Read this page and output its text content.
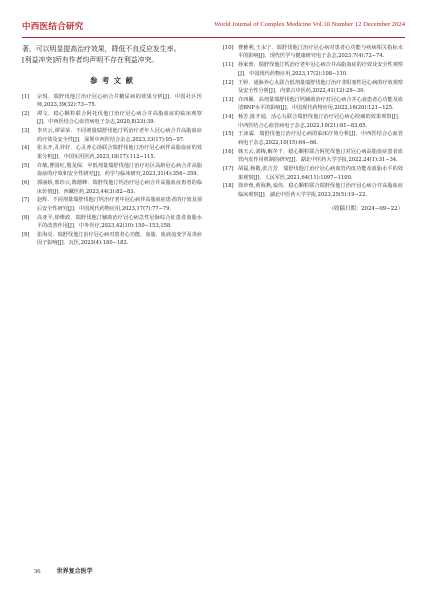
中西医结合研究	World Journal of Complex Medicine Vol.10 Number 12 December 2024

著，可以明显提高治疗效果，降低不良反应发生率。

[利益冲突]所有作者均声明不存在利益冲突。

参 考 文 献

[1] 宗悦．瑞舒伐他汀治疗冠心病合并糖尿病的效果分析[J]．中国社区医师,2023,39(32):73−75.

[2] 谭文．稳心颗粒联合阿托伐他汀治疗冠心病合并高脂血症的临床观察[J]．中西医结合心血管病电子杂志,2020,8(23):39.

[3] 李庆云,谭荣荣．不同剂量瑞舒伐他汀钙治疗老年人冠心病合并高脂血症的疗效及安全性[J]．深圳中西医结合杂志,2023,33(17):95−97.

[4] 张永开,孔祥好．心灵养心汤联合瑞舒伐他汀治疗冠心病伴高脂血症的效果分析[J]．中国实用医药,2023,18(17):112−115.

[5] 许敏,曹国红,殷龙保．中低剂量瑞舒伐他汀治疗社区高龄冠心病合并高脂血症的疗效和安全性研究[J]．药学与临床研究,2023,31(4):356−359.

[6] 郭丽娇,邢珍云,陈德峰．瑞舒伐他汀钙治疗冠心病合并高脂血症患者的临床价值[J]．西藏医药,2023,44(3):82−83.

[7] 赵辉．不同剂量瑞舒伐他汀钙治疗老年冠心病伴高脂血症患者的疗效及预后安全性研究[J]．中国现代药物应用,2023,17(7):77−79.

[8] 高亚平,徐维政．瑞舒伐他汀辅助治疗冠心病急性冠脉综合征患者血脂水平的改善作用[J]．中外医疗,2023,42(10):150−153,158.

[9] 张海亮．瑞舒伐他汀治疗冠心病对患者心功能、血脂、血液流变学及炎症因子影响[J]．瓦医,2023(4):180−182.

[10] 曹雅利,王永宁．瑞舒伐他汀治疗冠心病对患者心功能与疾病相关指标水平的影响[J]．现代医学与健康研究电子杂志,2023,7(4):72−74.

[11] 孙家蓉．瑞舒伐他汀钙治疗老年冠心病合并高脂血症的疗效及安全性观察[J]．中国现代药物应用,2023,17(2):108−110.

[12] 王婷．通脉养心丸联合低剂量瑞舒伐他汀治疗非阻塞性冠心病的疗效观察及安全性分析[J]．内蒙古中医药,2022,41(12):29−30.

[13] 许西雁．高剂量瑞舒伐他汀钙辅助治疗对冠心病合并心衰患者心功能及血清BNP水平的影响[J]．中国现代药物应用,2022,16(20):121−125.

[14] 杨芳,陈开通．活心丸联合瑞舒伐他汀治疗冠心病心绞痛的效果观察[J]．中西医结合心血管病电子杂志,2022,10(21):81−83,65.

[15] 王沛霖．瑞舒伐他汀治疗冠心病的临床疗效分析[J]．中西医结合心血管病电子杂志,2022,10(15):64−66.

[16] 韩天云,刘梅,解冬千．稳心颗粒联合阿托伐他汀对冠心病高脂血症患者血管内皮作用机制的研究[J]．湖北中医药大学学报,2022,24(1):31−34.

[17] 胡磊,杨敬,张吉芳．瑞舒伐他汀治疗冠心病血管内皮功能及血脂水平的效果观察[J]．人民军医,2021,64(11):1097−1100.

[18] 徐珍蓉,黄海燕,栾伟．稳心颗粒联合瑞舒伐他汀治疗冠心病合并高脂血症临床观察[J]．湖北中医药大学学报,2023,25(5):19−22.

（收稿日期：2024−09−22）
36	世界复合医学
